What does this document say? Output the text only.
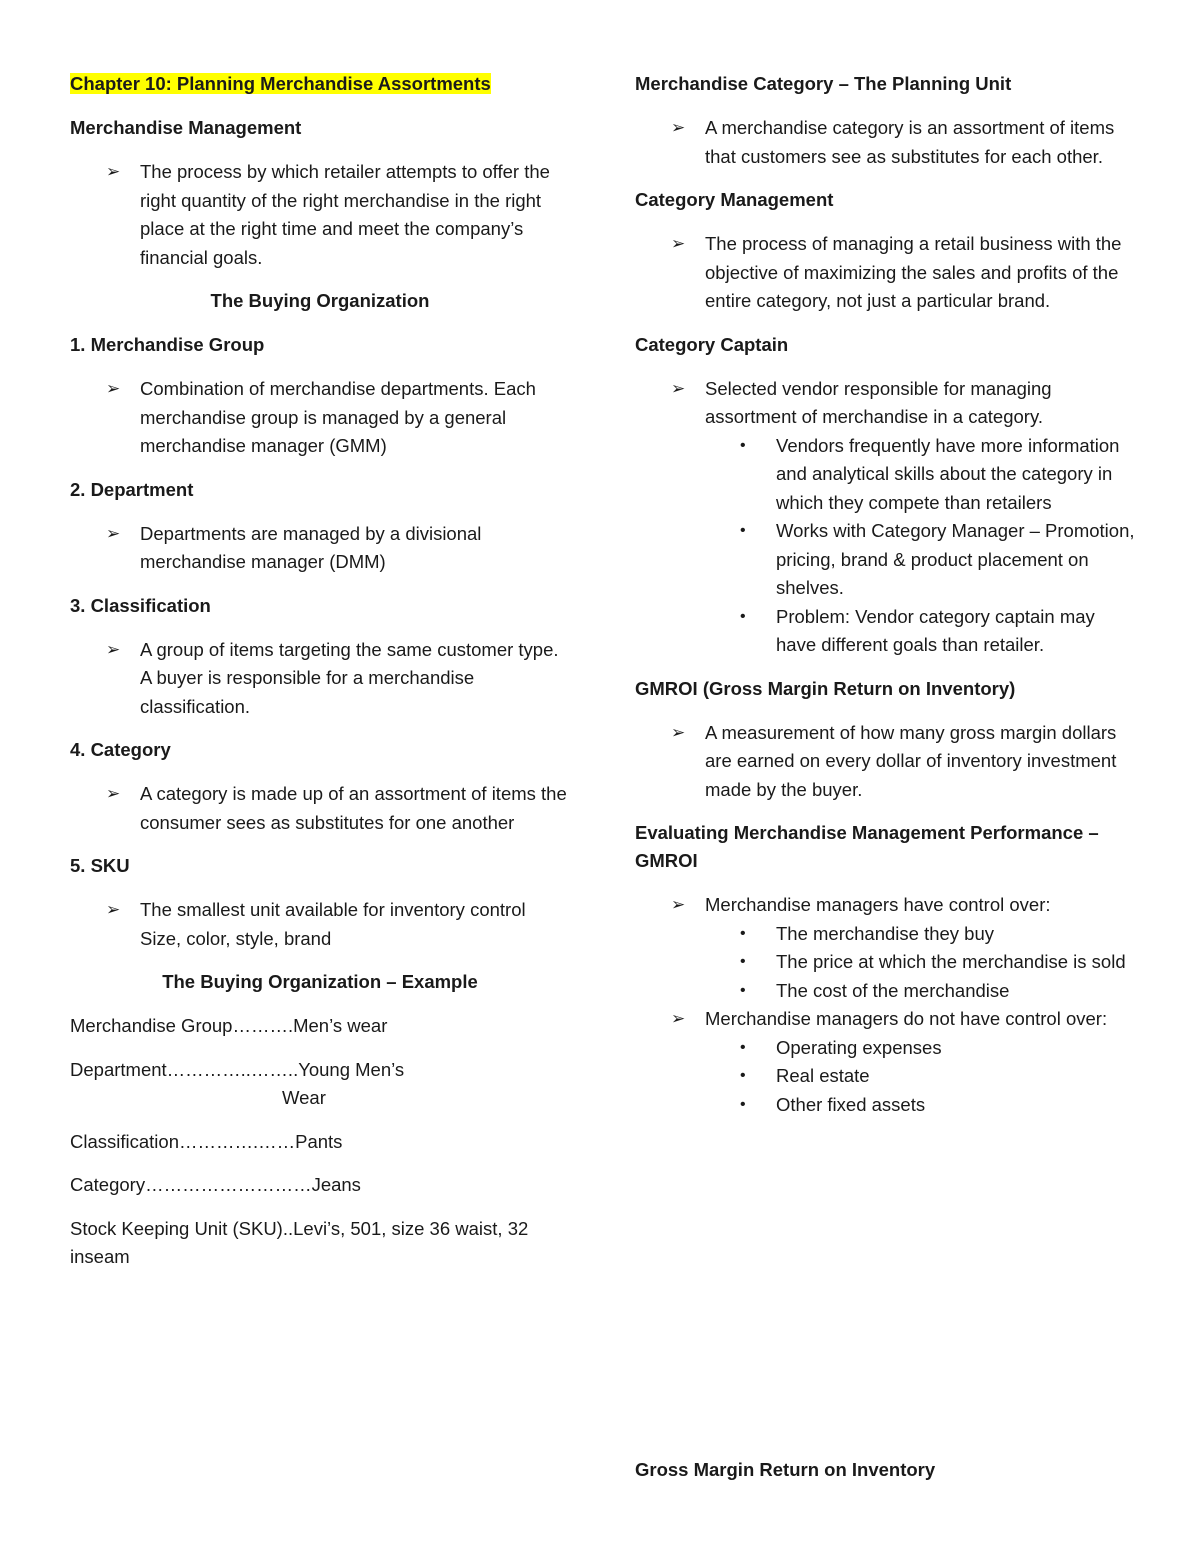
Chapter 10: Planning Merchandise Assortments

Merchandise Management

➢ The process by which retailer attempts to offer the right quantity of the right merchandise in the right place at the right time and meet the company’s financial goals.

The Buying Organization

1. Merchandise Group

➢ Combination of merchandise departments. Each merchandise group is managed by a general merchandise manager (GMM)

2. Department

➢ Departments are managed by a divisional merchandise manager (DMM)

3. Classification

➢ A group of items targeting the same customer type. A buyer is responsible for a merchandise classification.

4. Category

➢ A category is made up of an assortment of items the consumer sees as substitutes for one another

5. SKU

➢ The smallest unit available for inventory control Size, color, style, brand

The Buying Organization – Example

Merchandise Group……….Men’s wear

Department…………..……..Young Men’s
Wear

Classification………….……Pants

Category………………………Jeans

Stock Keeping Unit (SKU)..Levi’s, 501, size 36 waist, 32 inseam

Merchandise Category – The Planning Unit

➢ A merchandise category is an assortment of items that customers see as substitutes for each other.

Category Management

➢ The process of managing a retail business with the objective of maximizing the sales and profits of the entire category, not just a particular brand.

Category Captain

➢ Selected vendor responsible for managing assortment of merchandise in a category.
• Vendors frequently have more information and analytical skills about the category in which they compete than retailers
• Works with Category Manager – Promotion, pricing, brand & product placement on shelves.
• Problem: Vendor category captain may have different goals than retailer.

GMROI (Gross Margin Return on Inventory)

➢ A measurement of how many gross margin dollars are earned on every dollar of inventory investment made by the buyer.

Evaluating Merchandise Management Performance – GMROI

➢ Merchandise managers have control over:
• The merchandise they buy
• The price at which the merchandise is sold
• The cost of the merchandise
➢ Merchandise managers do not have control over:
• Operating expenses
• Real estate
• Other fixed assets

Gross Margin Return on Inventory
